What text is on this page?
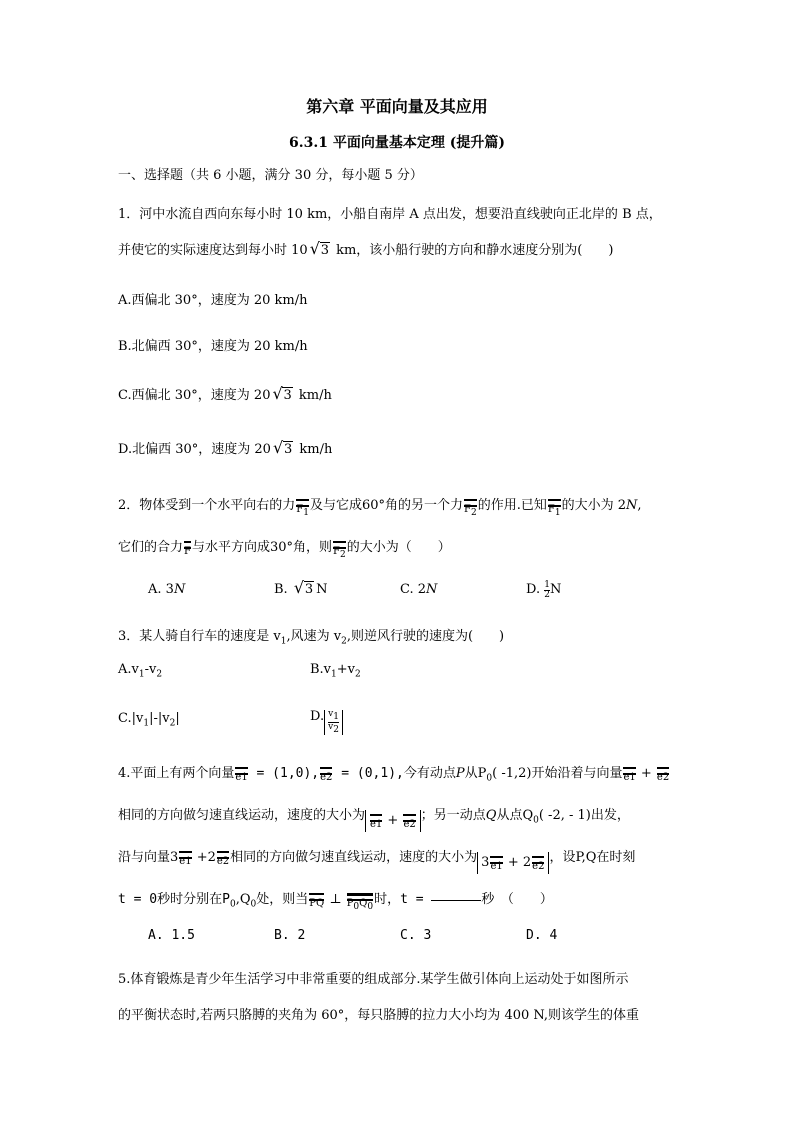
第六章 平面向量及其应用
6.3.1 平面向量基本定理 (提升篇)
一、选择题（共 6 小题，满分 30 分，每小题 5 分）
1．河中水流自西向东每小时 10 km，小船自南岸 A 点出发，想要沿直线驶向正北岸的 B 点，
并使它的实际速度达到每小时 10 √ 3 km，该小船行驶的方向和静水速度分别为(　　)
A.西偏北 30°，速度为 20 km/h
B.北偏西 30°，速度为 20 km/h
C.西偏北 30°，速度为 20 √ 3 km/h
D.北偏西 30°，速度为 20 √ 3 km/h
2．物体受到一个水平向右的力$F_1$及与它成60°角的另一个力$F_2$的作用.已知$F_1$的大小为 2N,
它们的合力F与水平方向成30°角，则$F_2$的大小为（　　）
A. 3N	B. √ 3 N	C. 2N	D. $\frac{1}{2}$ N
3．某人骑自行车的速度是 $v_1$,风速为 $v_2$,则逆风行驶的速度为(　　)
$A.v_1-v_2$	$B.v_1+v_2$
$C.|v_1|-|v_2|$	D. $\frac{v_1}{v_2}$
4.平面上有两个向量e1 = (1,0),e2 = (0,1),今有动点P从$P_0$( -1,2)开始沿着与向量e1 + e2
相同的方向做匀速直线运动，速度的大小为e1 + e2；另一动点Q从点$Q_0$( -2, - 1)出发，
沿与向量3e1 +2e2相同的方向做匀速直线运动，速度的大小为 3e1 + 2e2，设P,Q在时刻
t = 0秒时分别在$P_0,Q_0$处，则当PQ ⊥ $P_0Q_0$时，t =	秒　（　　）
A. 1.5	B. 2	C. 3	D. 4
5.体育锻炼是青少年生活学习中非常重要的组成部分.某学生做引体向上运动处于如图所示
的平衡状态时,若两只胳膊的夹角为 60°，每只胳膊的拉力大小均为 400 N,则该学生的体重
